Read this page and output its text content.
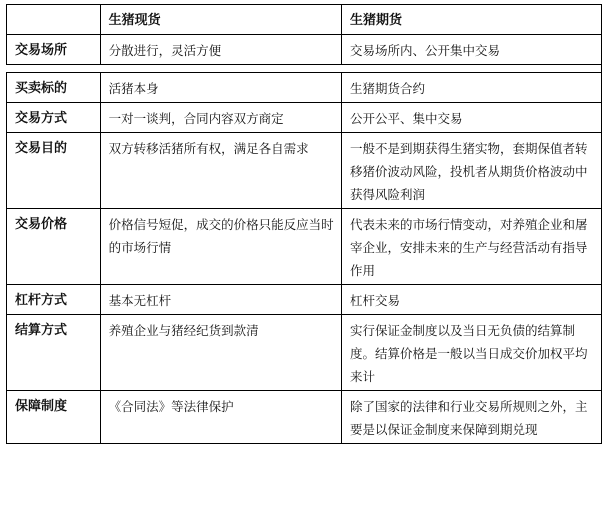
	生猪现货	生猪期货
交易场所	分散进行，灵活方便	交易场所内、公开集中交易

买卖标的	活猪本身	生猪期货合约
交易方式	一对一谈判，合同内容双方商定	公开公平、集中交易
交易目的	双方转移活猪所有权，满足各自需求	一般不是到期获得生猪实物，套期保值者转移猪价波动风险，投机者从期货价格波动中获得风险利润
交易价格	价格信号短促，成交的价格只能反应当时的市场行情	代表未来的市场行情变动，对养殖企业和屠宰企业，安排未来的生产与经营活动有指导作用
杠杆方式	基本无杠杆	杠杆交易
结算方式	养殖企业与猪经纪货到款清	实行保证金制度以及当日无负债的结算制度。结算价格是一般以当日成交价加权平均来计
保障制度	《合同法》等法律保护	除了国家的法律和行业交易所规则之外，主要是以保证金制度来保障到期兑现
